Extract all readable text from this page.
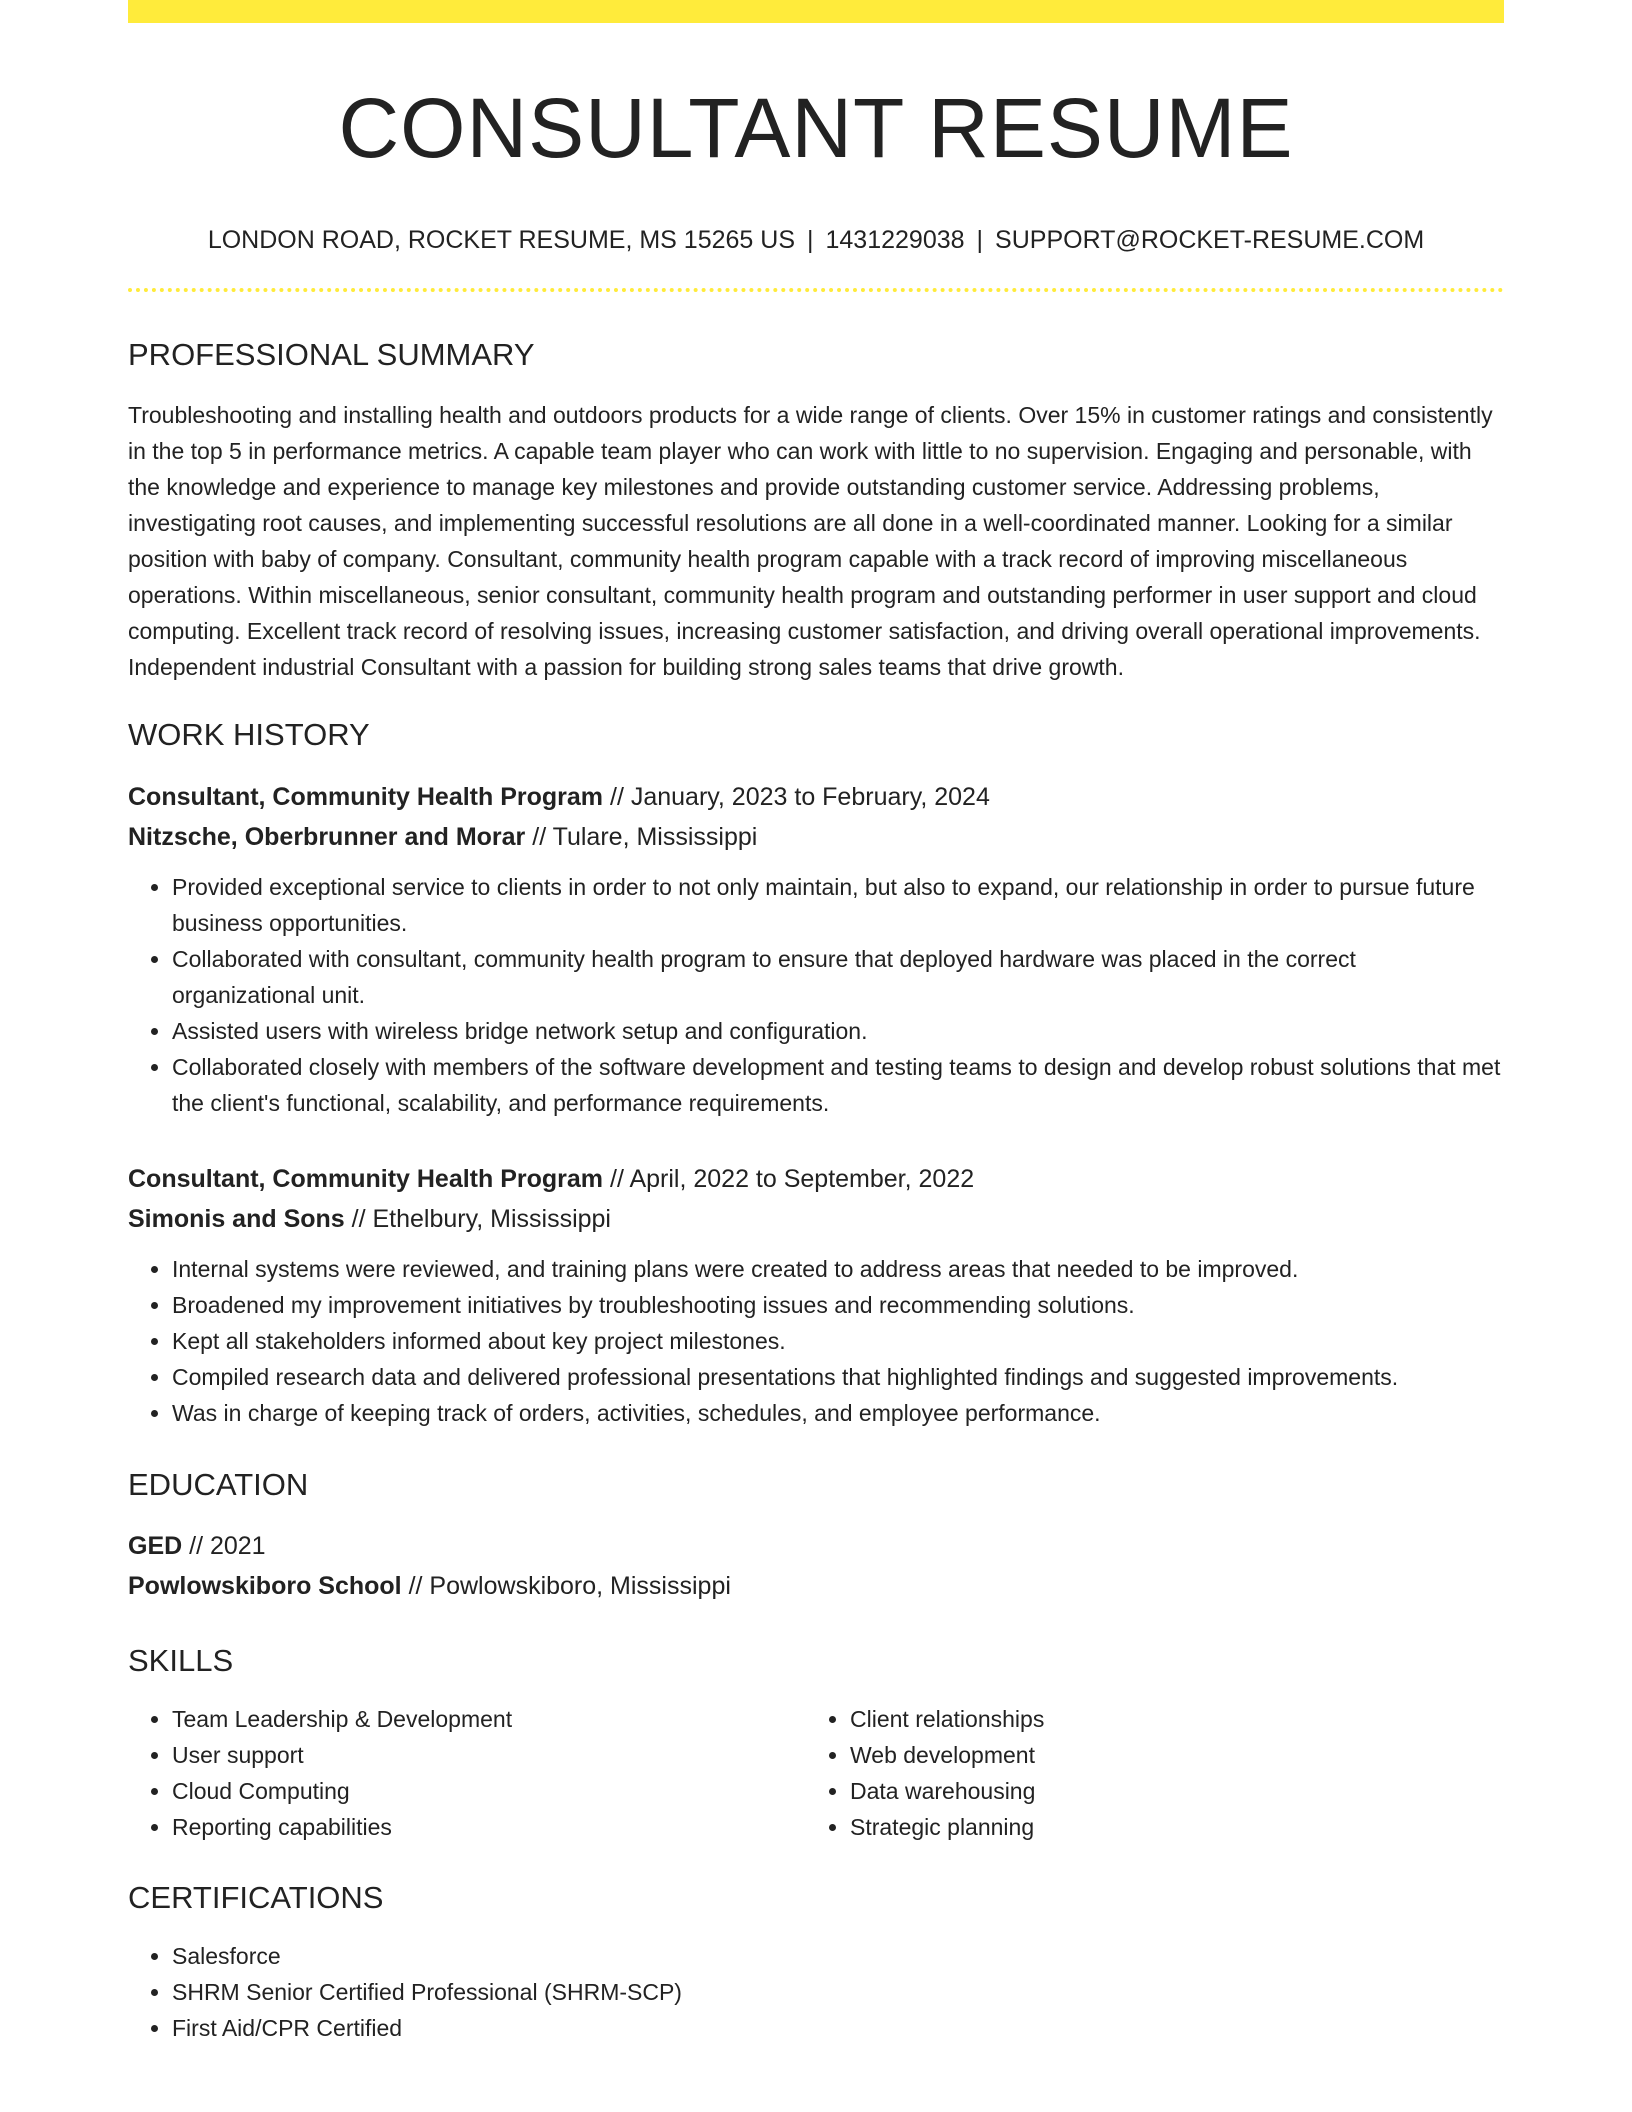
CONSULTANT RESUME
LONDON ROAD, ROCKET RESUME, MS 15265 US | 1431229038 | SUPPORT@ROCKET-RESUME.COM
PROFESSIONAL SUMMARY

Troubleshooting and installing health and outdoors products for a wide range of clients. Over 15% in customer ratings and consistently in the top 5 in performance metrics. A capable team player who can work with little to no supervision. Engaging and personable, with the knowledge and experience to manage key milestones and provide outstanding customer service. Addressing problems, investigating root causes, and implementing successful resolutions are all done in a well-coordinated manner. Looking for a similar position with baby of company. Consultant, community health program capable with a track record of improving miscellaneous operations. Within miscellaneous, senior consultant, community health program and outstanding performer in user support and cloud computing. Excellent track record of resolving issues, increasing customer satisfaction, and driving overall operational improvements. Independent industrial Consultant with a passion for building strong sales teams that drive growth.

WORK HISTORY
Consultant, Community Health Program // January, 2023 to February, 2024
Nitzsche, Oberbrunner and Morar // Tulare, Mississippi
• Provided exceptional service to clients in order to not only maintain, but also to expand, our relationship in order to pursue future business opportunities.
• Collaborated with consultant, community health program to ensure that deployed hardware was placed in the correct organizational unit.
• Assisted users with wireless bridge network setup and configuration.
• Collaborated closely with members of the software development and testing teams to design and develop robust solutions that met the client's functional, scalability, and performance requirements.
Consultant, Community Health Program // April, 2022 to September, 2022
Simonis and Sons // Ethelbury, Mississippi
• Internal systems were reviewed, and training plans were created to address areas that needed to be improved.
• Broadened my improvement initiatives by troubleshooting issues and recommending solutions.
• Kept all stakeholders informed about key project milestones.
• Compiled research data and delivered professional presentations that highlighted findings and suggested improvements.
• Was in charge of keeping track of orders, activities, schedules, and employee performance.
EDUCATION
GED // 2021
Powlowskiboro School // Powlowskiboro, Mississippi
SKILLS
• Team Leadership & Development
• User support
• Cloud Computing
• Reporting capabilities
• Client relationships
• Web development
• Data warehousing
• Strategic planning
CERTIFICATIONS
• Salesforce
• SHRM Senior Certified Professional (SHRM-SCP)
• First Aid/CPR Certified
